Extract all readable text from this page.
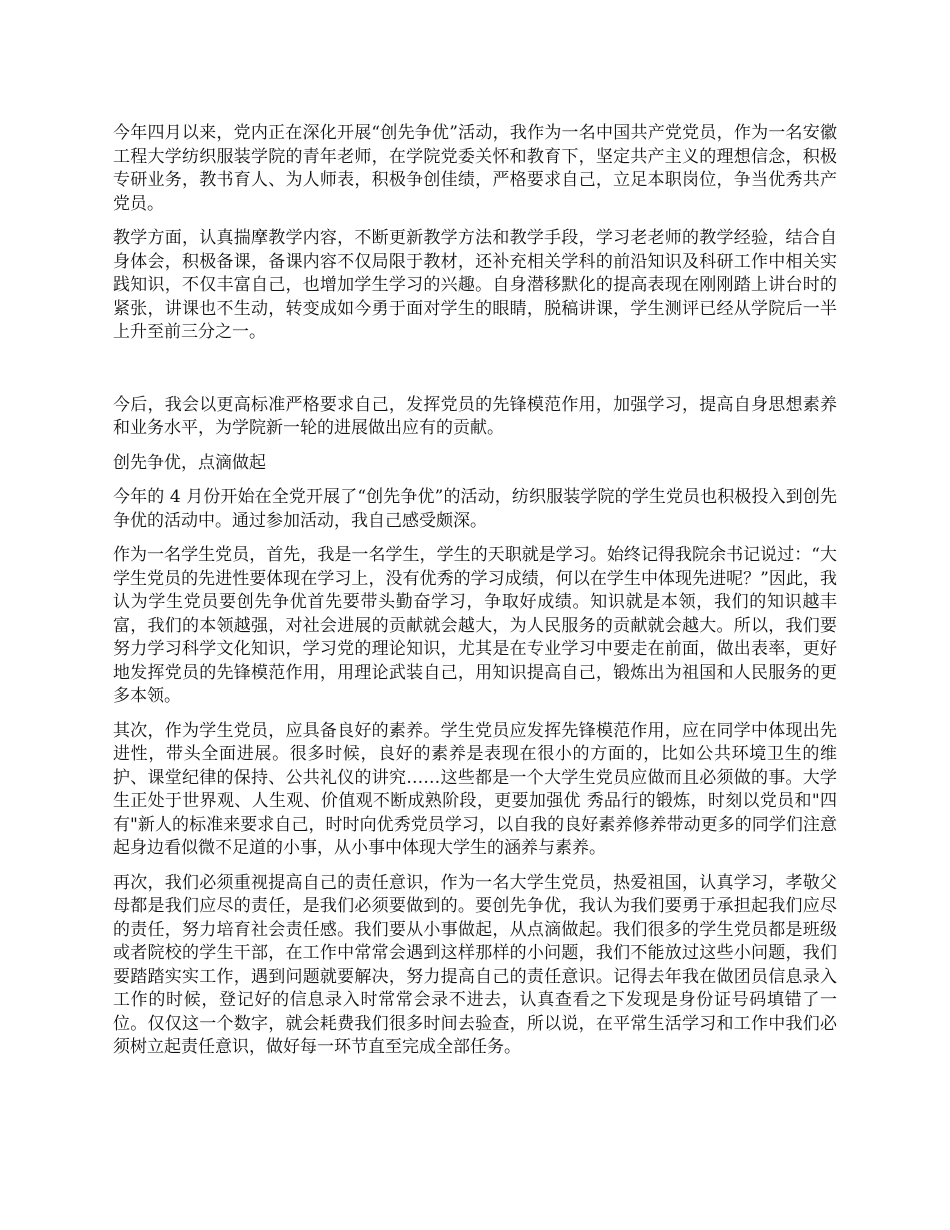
今年四月以来，党内正在深化开展“创先争优”活动，我作为一名中国共产党党员，作为一名安徽工程大学纺织服装学院的青年老师，在学院党委关怀和教育下，坚定共产主义的理想信念，积极专研业务，教书育人、为人师表，积极争创佳绩，严格要求自己，立足本职岗位，争当优秀共产党员。

教学方面，认真揣摩教学内容，不断更新教学方法和教学手段，学习老老师的教学经验，结合自身体会，积极备课，备课内容不仅局限于教材，还补充相关学科的前沿知识及科研工作中相关实践知识，不仅丰富自己，也增加学生学习的兴趣。自身潜移默化的提高表现在刚刚踏上讲台时的紧张，讲课也不生动，转变成如今勇于面对学生的眼睛，脱稿讲课，学生测评已经从学院后一半上升至前三分之一。

今后，我会以更高标准严格要求自己，发挥党员的先锋模范作用，加强学习，提高自身思想素养和业务水平，为学院新一轮的进展做出应有的贡献。

创先争优，点滴做起

今年的 4 月份开始在全党开展了“创先争优”的活动，纺织服装学院的学生党员也积极投入到创先争优的活动中。通过参加活动，我自己感受颇深。

作为一名学生党员，首先，我是一名学生，学生的天职就是学习。始终记得我院余书记说过：“大学生党员的先进性要体现在学习上，没有优秀的学习成绩，何以在学生中体现先进呢？”因此，我认为学生党员要创先争优首先要带头勤奋学习，争取好成绩。知识就是本领，我们的知识越丰富，我们的本领越强，对社会进展的贡献就会越大，为人民服务的贡献就会越大。所以，我们要努力学习科学文化知识，学习党的理论知识，尤其是在专业学习中要走在前面，做出表率，更好地发挥党员的先锋模范作用，用理论武装自己，用知识提高自己，锻炼出为祖国和人民服务的更多本领。

其次，作为学生党员，应具备良好的素养。学生党员应发挥先锋模范作用，应在同学中体现出先进性，带头全面进展。很多时候，良好的素养是表现在很小的方面的，比如公共环境卫生的维护、课堂纪律的保持、公共礼仪的讲究……这些都是一个大学生党员应做而且必须做的事。大学生正处于世界观、人生观、价值观不断成熟阶段，更要加强优 秀品行的锻炼，时刻以党员和"四有"新人的标准来要求自己，时时向优秀党员学习，以自我的良好素养修养带动更多的同学们注意起身边看似微不足道的小事，从小事中体现大学生的涵养与素养。

再次，我们必须重视提高自己的责任意识，作为一名大学生党员，热爱祖国，认真学习，孝敬父母都是我们应尽的责任，是我们必须要做到的。要创先争优，我认为我们要勇于承担起我们应尽的责任，努力培育社会责任感。我们要从小事做起，从点滴做起。我们很多的学生党员都是班级或者院校的学生干部，在工作中常常会遇到这样那样的小问题，我们不能放过这些小问题，我们要踏踏实实工作，遇到问题就要解决，努力提高自己的责任意识。记得去年我在做团员信息录入工作的时候，登记好的信息录入时常常会录不进去，认真查看之下发现是身份证号码填错了一位。仅仅这一个数字，就会耗费我们很多时间去验查，所以说，在平常生活学习和工作中我们必须树立起责任意识，做好每一环节直至完成全部任务。
